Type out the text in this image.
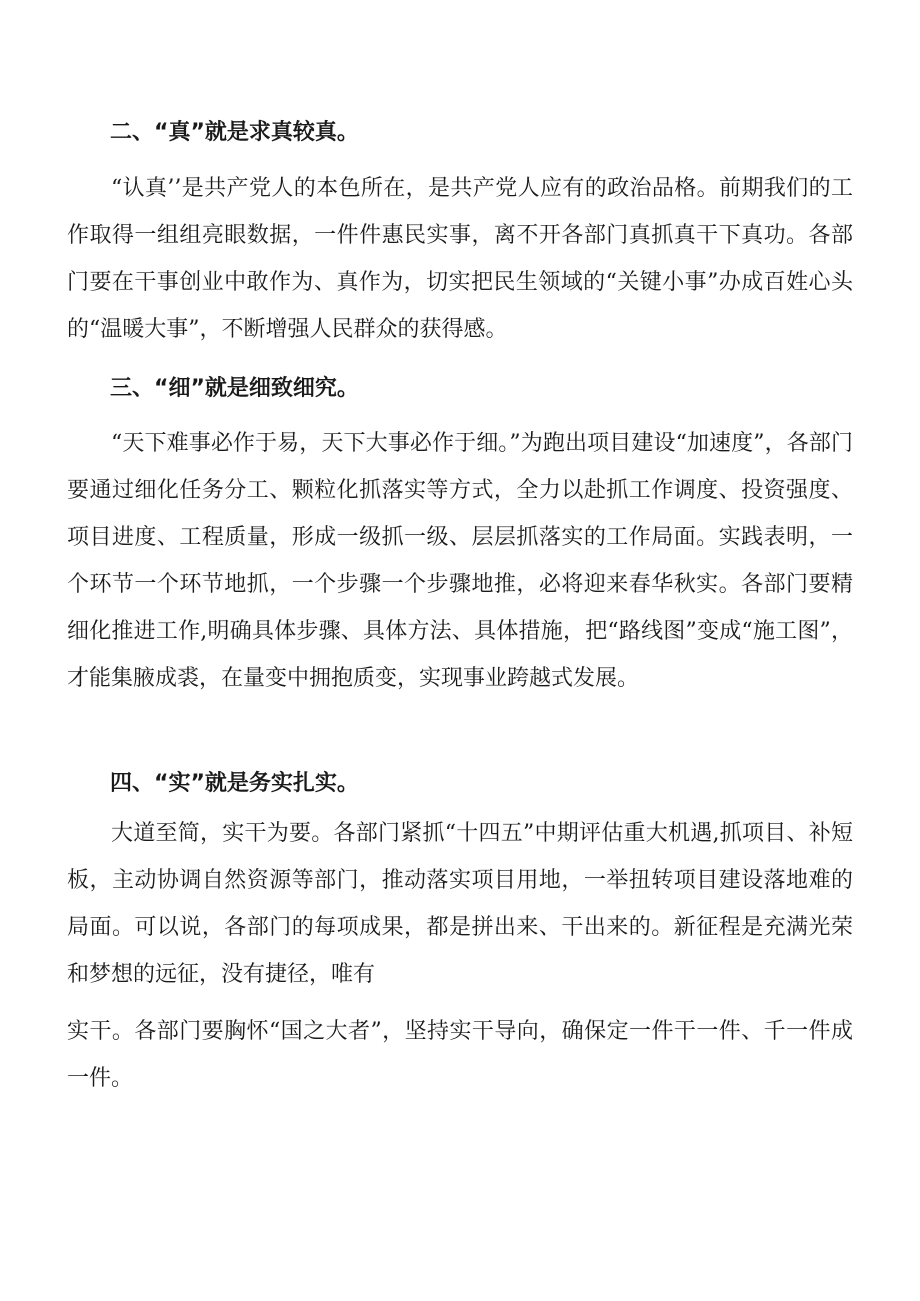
二、“真”就是求真较真。
“认真’’是共产党人的本色所在，是共产党人应有的政治品格。前期我们的工作取得一组组亮眼数据，一件件惠民实事，离不开各部门真抓真干下真功。各部门要在干事创业中敢作为、真作为，切实把民生领域的“关键小事”办成百姓心头的“温暖大事”，不断增强人民群众的获得感。
三、“细”就是细致细究。
“天下难事必作于易，天下大事必作于细。”为跑出项目建设“加速度”，各部门要通过细化任务分工、颗粒化抓落实等方式，全力以赴抓工作调度、投资强度、项目进度、工程质量，形成一级抓一级、层层抓落实的工作局面。实践表明，一个环节一个环节地抓，一个步骤一个步骤地推，必将迎来春华秋实。各部门要精细化推进工作,明确具体步骤、具体方法、具体措施，把“路线图”变成“施工图”，才能集腋成裘，在量变中拥抱质变，实现事业跨越式发展。
四、“实”就是务实扎实。
大道至简，实干为要。各部门紧抓“十四五”中期评估重大机遇,抓项目、补短板，主动协调自然资源等部门，推动落实项目用地，一举扭转项目建设落地难的局面。可以说，各部门的每项成果，都是拼出来、干出来的。新征程是充满光荣和梦想的远征，没有捷径，唯有
实干。各部门要胸怀“国之大者”，坚持实干导向，确保定一件干一件、千一件成一件。
